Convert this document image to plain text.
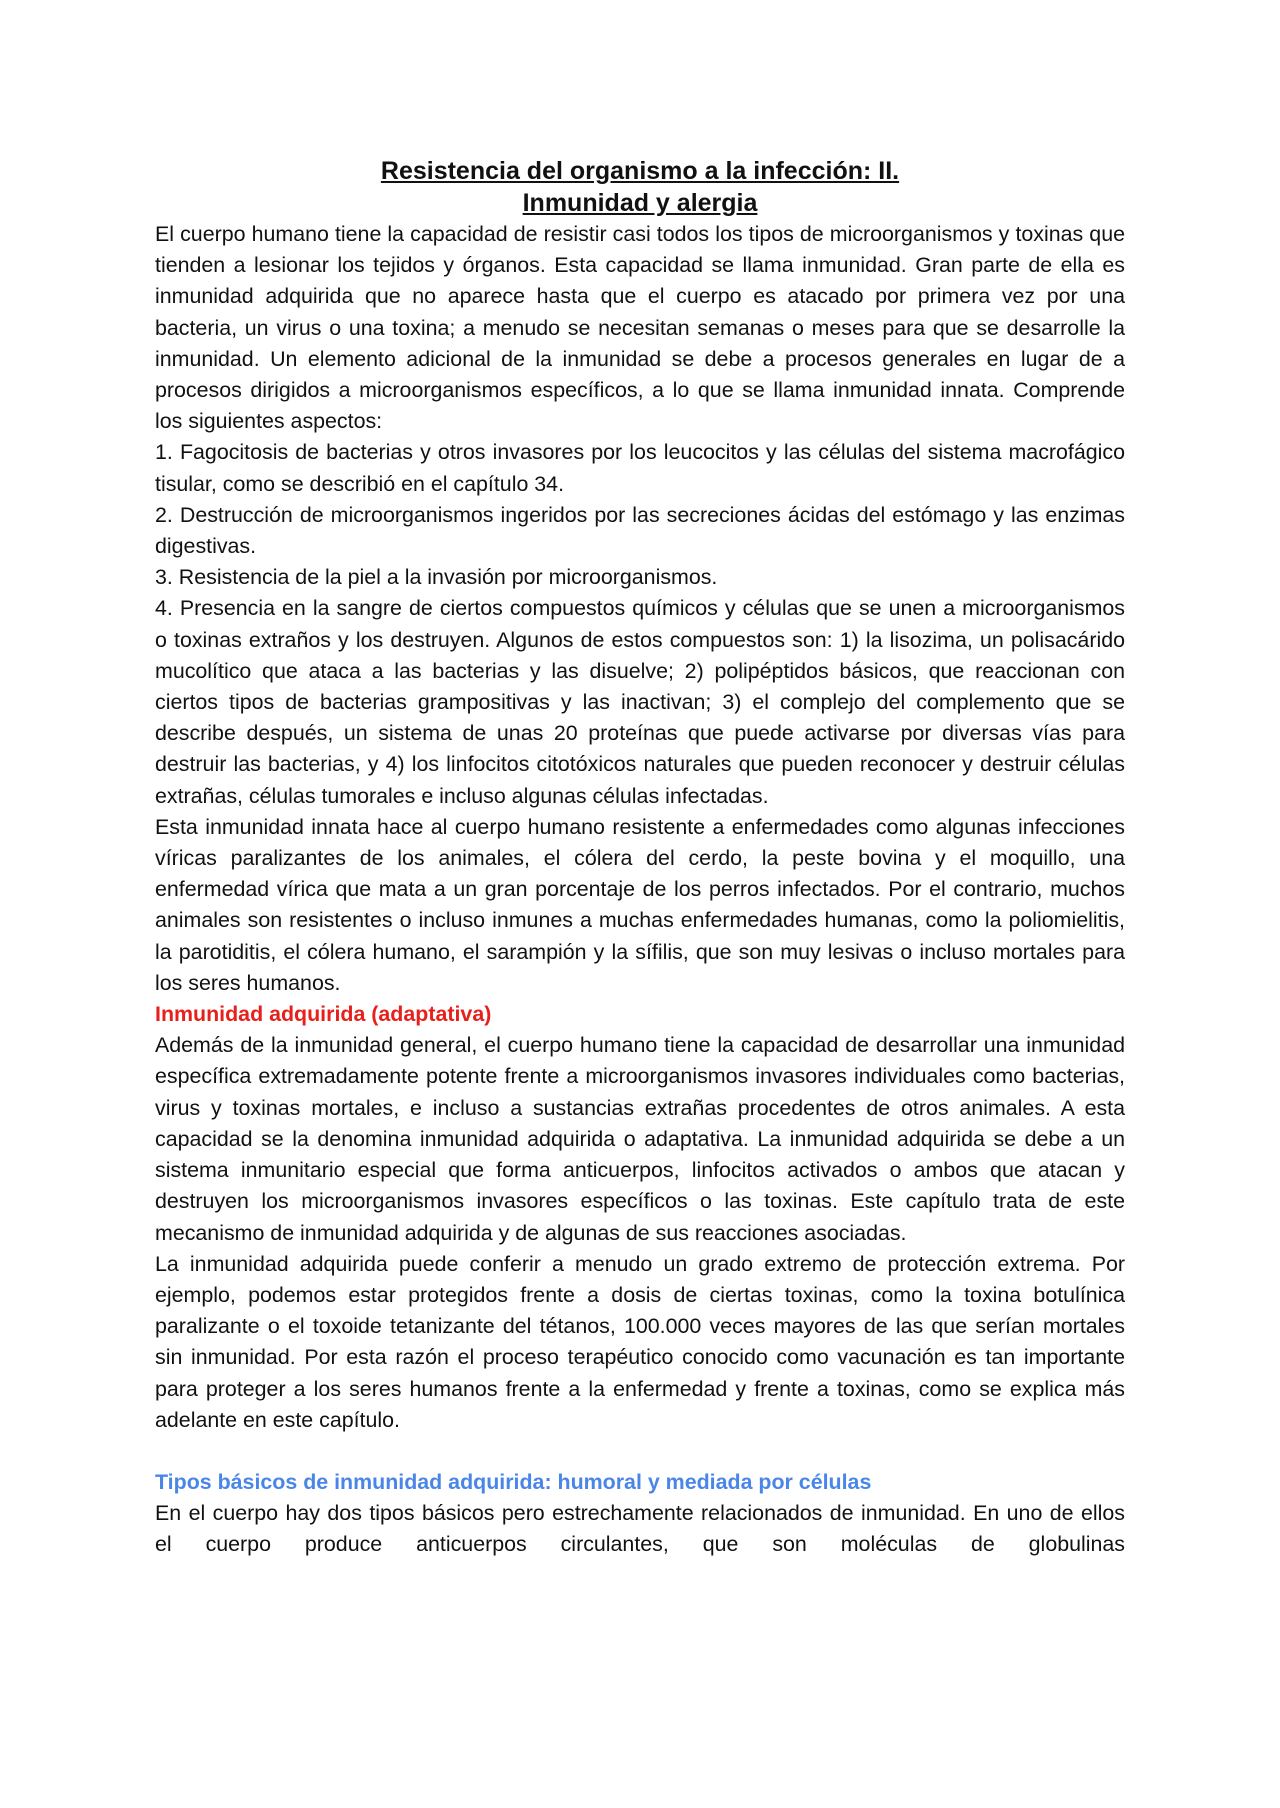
Resistencia del organismo a la infección: II.
Inmunidad y alergia

El cuerpo humano tiene la capacidad de resistir casi todos los tipos de microorganismos y toxinas que tienden a lesionar los tejidos y órganos. Esta capacidad se llama inmunidad. Gran parte de ella es inmunidad adquirida que no aparece hasta que el cuerpo es atacado por primera vez por una bacteria, un virus o una toxina; a menudo se necesitan semanas o meses para que se desarrolle la inmunidad. Un elemento adicional de la inmunidad se debe a procesos generales en lugar de a procesos dirigidos a microorganismos específicos, a lo que se llama inmunidad innata. Comprende los siguientes aspectos:

1. Fagocitosis de bacterias y otros invasores por los leucocitos y las células del sistema macrofágico tisular, como se describió en el capítulo 34.

2. Destrucción de microorganismos ingeridos por las secreciones ácidas del estómago y las enzimas digestivas.

3. Resistencia de la piel a la invasión por microorganismos.

4. Presencia en la sangre de ciertos compuestos químicos y células que se unen a microorganismos o toxinas extraños y los destruyen. Algunos de estos compuestos son: 1) la lisozima, un polisacárido mucolítico que ataca a las bacterias y las disuelve; 2) polipéptidos básicos, que reaccionan con ciertos tipos de bacterias grampositivas y las inactivan; 3) el complejo del complemento que se describe después, un sistema de unas 20 proteínas que puede activarse por diversas vías para destruir las bacterias, y 4) los linfocitos citotóxicos naturales que pueden reconocer y destruir células extrañas, células tumorales e incluso algunas células infectadas.

Esta inmunidad innata hace al cuerpo humano resistente a enfermedades como algunas infecciones víricas paralizantes de los animales, el cólera del cerdo, la peste bovina y el moquillo, una enfermedad vírica que mata a un gran porcentaje de los perros infectados. Por el contrario, muchos animales son resistentes o incluso inmunes a muchas enfermedades humanas, como la poliomielitis, la parotiditis, el cólera humano, el sarampión y la sífilis, que son muy lesivas o incluso mortales para los seres humanos.

Inmunidad adquirida (adaptativa)

Además de la inmunidad general, el cuerpo humano tiene la capacidad de desarrollar una inmunidad específica extremadamente potente frente a microorganismos invasores individuales como bacterias, virus y toxinas mortales, e incluso a sustancias extrañas procedentes de otros animales. A esta capacidad se la denomina inmunidad adquirida o adaptativa. La inmunidad adquirida se debe a un sistema inmunitario especial que forma anticuerpos, linfocitos activados o ambos que atacan y destruyen los microorganismos invasores específicos o las toxinas. Este capítulo trata de este mecanismo de inmunidad adquirida y de algunas de sus reacciones asociadas.

La inmunidad adquirida puede conferir a menudo un grado extremo de protección extrema. Por ejemplo, podemos estar protegidos frente a dosis de ciertas toxinas, como la toxina botulínica paralizante o el toxoide tetanizante del tétanos, 100.000 veces mayores de las que serían mortales sin inmunidad. Por esta razón el proceso terapéutico conocido como vacunación es tan importante para proteger a los seres humanos frente a la enfermedad y frente a toxinas, como se explica más adelante en este capítulo.

Tipos básicos de inmunidad adquirida: humoral y mediada por células

En el cuerpo hay dos tipos básicos pero estrechamente relacionados de inmunidad. En uno de ellos el cuerpo produce anticuerpos circulantes, que son moléculas de globulinas
